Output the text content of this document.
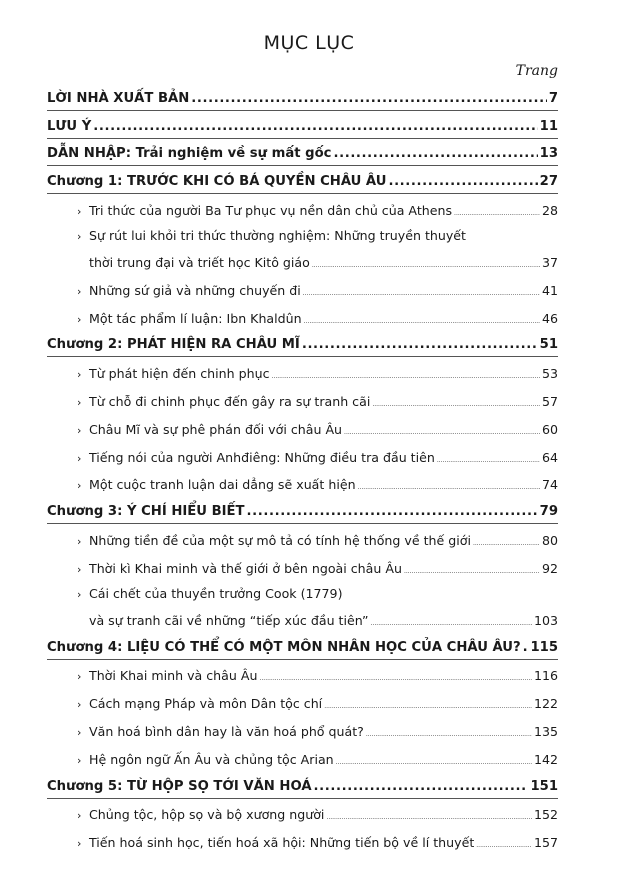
MỤC LỤC
Trang
LỜI NHÀ XUẤT BẢN .....	7
LƯU Ý .....	11
DẪN NHẬP: Trải nghiệm về sự mất gốc .....	13
Chương 1: TRƯỚC KHI CÓ BÁ QUYỀN CHÂU ÂU .....	27
› Tri thức của người Ba Tư phục vụ nền dân chủ của Athens .....	28
› Sự rút lui khỏi tri thức thường nghiệm: Những truyền thuyết
thời trung đại và triết học Kitô giáo .....	37
› Những sứ giả và những chuyến đi .....	41
› Một tác phẩm lí luận: Ibn Khaldûn .....	46
Chương 2: PHÁT HIỆN RA CHÂU MĨ .....	51
› Từ phát hiện đến chinh phục .....	53
› Từ chỗ đi chinh phục đến gây ra sự tranh cãi .....	57
› Châu Mĩ và sự phê phán đối với châu Âu .....	60
› Tiếng nói của người Anhđiêng: Những điều tra đầu tiên .....	64
› Một cuộc tranh luận dai dẳng sẽ xuất hiện .....	74
Chương 3: Ý CHÍ HIỂU BIẾT .....	79
› Những tiền đề của một sự mô tả có tính hệ thống về thế giới .....	80
› Thời kì Khai minh và thế giới ở bên ngoài châu Âu .....	92
› Cái chết của thuyền trưởng Cook (1779)
và sự tranh cãi về những “tiếp xúc đầu tiên” .....	103
Chương 4: LIỆU CÓ THỂ CÓ MỘT MÔN NHÂN HỌC CỦA CHÂU ÂU? ..... 115
› Thời Khai minh và châu Âu .....	116
› Cách mạng Pháp và môn Dân tộc chí .....	122
› Văn hoá bình dân hay là văn hoá phổ quát? .....	135
› Hệ ngôn ngữ Ấn Âu và chủng tộc Arian .....	142
Chương 5: TỪ HỘP SỌ TỚI VĂN HOÁ .....	151
› Chủng tộc, hộp sọ và bộ xương người .....	152
› Tiến hoá sinh học, tiến hoá xã hội: Những tiến bộ về lí thuyết .....	157
